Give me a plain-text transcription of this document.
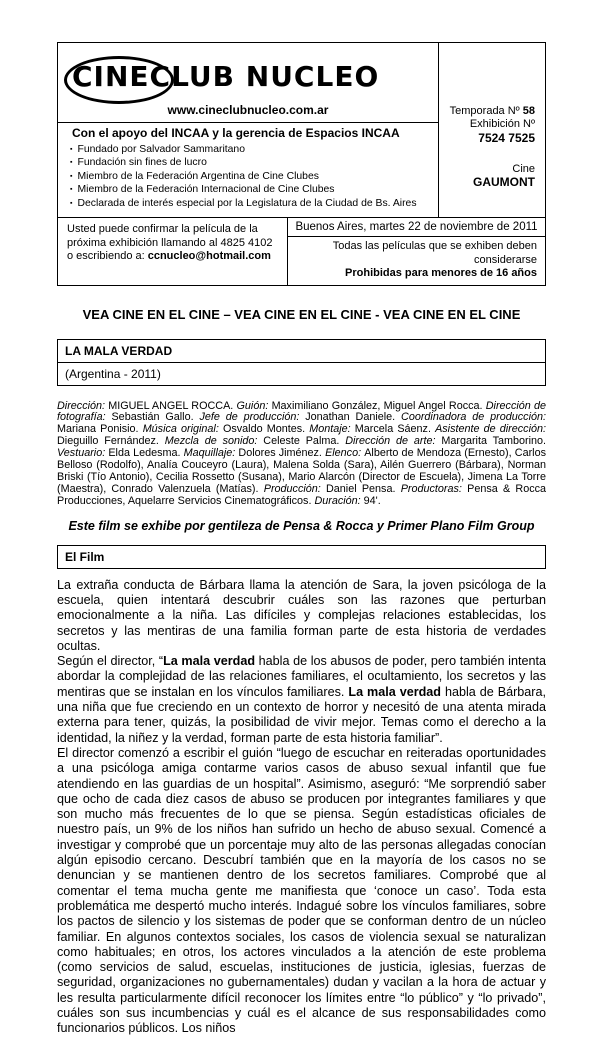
CINECLUB NUCLEO
www.cineclubnucleo.com.ar
Con el apoyo del INCAA y la gerencia de Espacios INCAA
▪ Fundado por Salvador Sammaritano
▪ Fundación sin fines de lucro
▪ Miembro de la Federación Argentina de Cine Clubes
▪ Miembro de la Federación Internacional de Cine Clubes
▪ Declarada de interés especial por la Legislatura de la Ciudad de Bs. Aires
Temporada Nº 58
Exhibición Nº
7524 7525
Cine
GAUMONT
Usted puede confirmar la película de la próxima exhibición llamando al 4825 4102 o escribiendo a: ccnucleo@hotmail.com
Buenos Aires, martes 22 de noviembre de 2011
Todas las películas que se exhiben deben considerarse
Prohibidas para menores de 16 años
VEA CINE EN EL CINE – VEA CINE EN EL CINE - VEA CINE EN EL CINE
LA MALA VERDAD
(Argentina - 2011)

Dirección: MIGUEL ANGEL ROCCA. Guión: Maximiliano González, Miguel Angel Rocca. Dirección de fotografía: Sebastián Gallo. Jefe de producción: Jonathan Daniele. Coordinadora de producción: Mariana Ponisio. Música original: Osvaldo Montes. Montaje: Marcela Sáenz. Asistente de dirección: Dieguillo Fernández. Mezcla de sonido: Celeste Palma. Dirección de arte: Margarita Tamborino. Vestuario: Elda Ledesma. Maquillaje: Dolores Jiménez. Elenco: Alberto de Mendoza (Ernesto), Carlos Belloso (Rodolfo), Analía Couceyro (Laura), Malena Solda (Sara), Ailén Guerrero (Bárbara), Norman Briski (Tío Antonio), Cecilia Rossetto (Susana), Mario Alarcón (Director de Escuela), Jimena La Torre (Maestra), Conrado Valenzuela (Matías). Producción: Daniel Pensa. Productoras: Pensa & Rocca Producciones, Aquelarre Servicios Cinematográficos. Duración: 94'.

Este film se exhibe por gentileza de Pensa & Rocca y Primer Plano Film Group
El Film

La extraña conducta de Bárbara llama la atención de Sara, la joven psicóloga de la escuela, quien intentará descubrir cuáles son las razones que perturban emocionalmente a la niña. Las difíciles y complejas relaciones establecidas, los secretos y las mentiras de una familia forman parte de esta historia de verdades ocultas.

Según el director, “La mala verdad habla de los abusos de poder, pero también intenta abordar la complejidad de las relaciones familiares, el ocultamiento, los secretos y las mentiras que se instalan en los vínculos familiares. La mala verdad habla de Bárbara, una niña que fue creciendo en un contexto de horror y necesitó de una atenta mirada externa para tener, quizás, la posibilidad de vivir mejor. Temas como el derecho a la identidad, la niñez y la verdad, forman parte de esta historia familiar”.

El director comenzó a escribir el guión “luego de escuchar en reiteradas oportunidades a una psicóloga amiga contarme varios casos de abuso sexual infantil que fue atendiendo en las guardias de un hospital”. Asimismo, aseguró: “Me sorprendió saber que ocho de cada diez casos de abuso se producen por integrantes familiares y que son mucho más frecuentes de lo que se piensa. Según estadísticas oficiales de nuestro país, un 9% de los niños han sufrido un hecho de abuso sexual. Comencé a investigar y comprobé que un porcentaje muy alto de las personas allegadas conocían algún episodio cercano. Descubrí también que en la mayoría de los casos no se denuncian y se mantienen dentro de los secretos familiares. Comprobé que al comentar el tema mucha gente me manifiesta que ‘conoce un caso’. Toda esta problemática me despertó mucho interés. Indagué sobre los vínculos familiares, sobre los pactos de silencio y los sistemas de poder que se conforman dentro de un núcleo familiar. En algunos contextos sociales, los casos de violencia sexual se naturalizan como habituales; en otros, los actores vinculados a la atención de este problema (como servicios de salud, escuelas, instituciones de justicia, iglesias, fuerzas de seguridad, organizaciones no gubernamentales) dudan y vacilan a la hora de actuar y les resulta particularmente difícil reconocer los límites entre “lo público” y “lo privado”, cuáles son sus incumbencias y cuál es el alcance de sus responsabilidades como funcionarios públicos. Los niños
